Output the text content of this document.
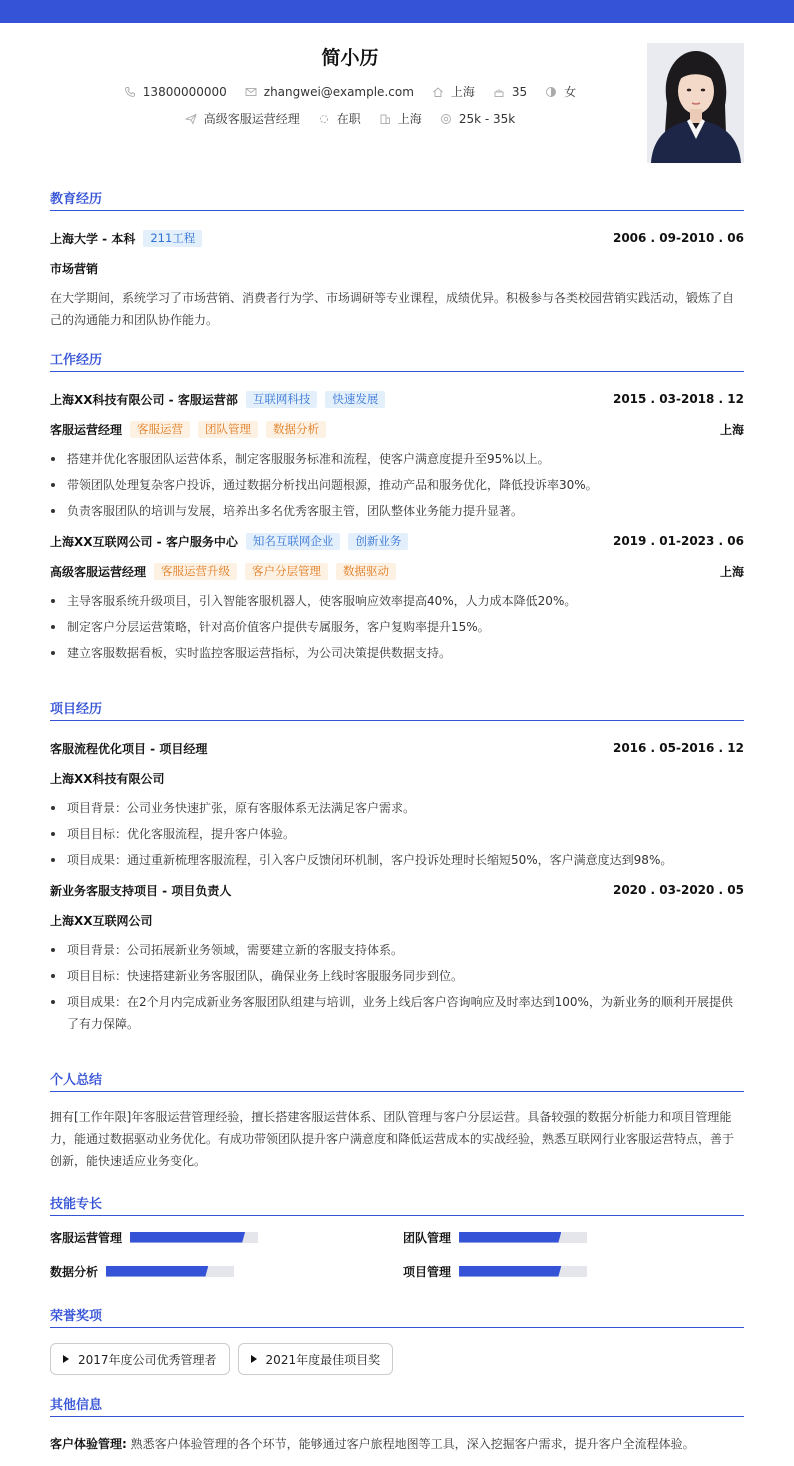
简小历
13800000000	zhangwei@example.com	上海	35	女
高级客服运营经理	在职	上海	25k - 35k
教育经历
上海大学 - 本科	211工程	2006 . 09-2010 . 06
市场营销
在大学期间，系统学习了市场营销、消费者行为学、市场调研等专业课程，成绩优异。积极参与各类校园营销实践活动，锻炼了自己的沟通能力和团队协作能力。
工作经历
上海XX科技有限公司 - 客服运营部	互联网科技	快速发展	2015 . 03-2018 . 12
客服运营经理	客服运营	团队管理	数据分析	上海
搭建并优化客服团队运营体系，制定客服服务标准和流程，使客户满意度提升至95%以上。
带领团队处理复杂客户投诉，通过数据分析找出问题根源，推动产品和服务优化，降低投诉率30%。
负责客服团队的培训与发展，培养出多名优秀客服主管，团队整体业务能力提升显著。
上海XX互联网公司 - 客户服务中心	知名互联网企业	创新业务	2019 . 01-2023 . 06
高级客服运营经理	客服运营升级	客户分层管理	数据驱动	上海
主导客服系统升级项目，引入智能客服机器人，使客服响应效率提高40%，人力成本降低20%。
制定客户分层运营策略，针对高价值客户提供专属服务，客户复购率提升15%。
建立客服数据看板，实时监控客服运营指标，为公司决策提供数据支持。
项目经历
客服流程优化项目 - 项目经理	2016 . 05-2016 . 12
上海XX科技有限公司
项目背景：公司业务快速扩张，原有客服体系无法满足客户需求。
项目目标：优化客服流程，提升客户体验。
项目成果：通过重新梳理客服流程，引入客户反馈闭环机制，客户投诉处理时长缩短50%，客户满意度达到98%。
新业务客服支持项目 - 项目负责人	2020 . 03-2020 . 05
上海XX互联网公司
项目背景：公司拓展新业务领域，需要建立新的客服支持体系。
项目目标：快速搭建新业务客服团队，确保业务上线时客服服务同步到位。
项目成果：在2个月内完成新业务客服团队组建与培训，业务上线后客户咨询响应及时率达到100%，为新业务的顺利开展提供了有力保障。
个人总结
拥有[工作年限]年客服运营管理经验，擅长搭建客服运营体系、团队管理与客户分层运营。具备较强的数据分析能力和项目管理能力，能通过数据驱动业务优化。有成功带领团队提升客户满意度和降低运营成本的实战经验，熟悉互联网行业客服运营特点，善于创新，能快速适应业务变化。
技能专长
客服运营管理	团队管理
数据分析	项目管理
荣誉奖项
2017年度公司优秀管理者	2021年度最佳项目奖
其他信息
客户体验管理: 熟悉客户体验管理的各个环节，能够通过客户旅程地图等工具，深入挖掘客户需求，提升客户全流程体验。
